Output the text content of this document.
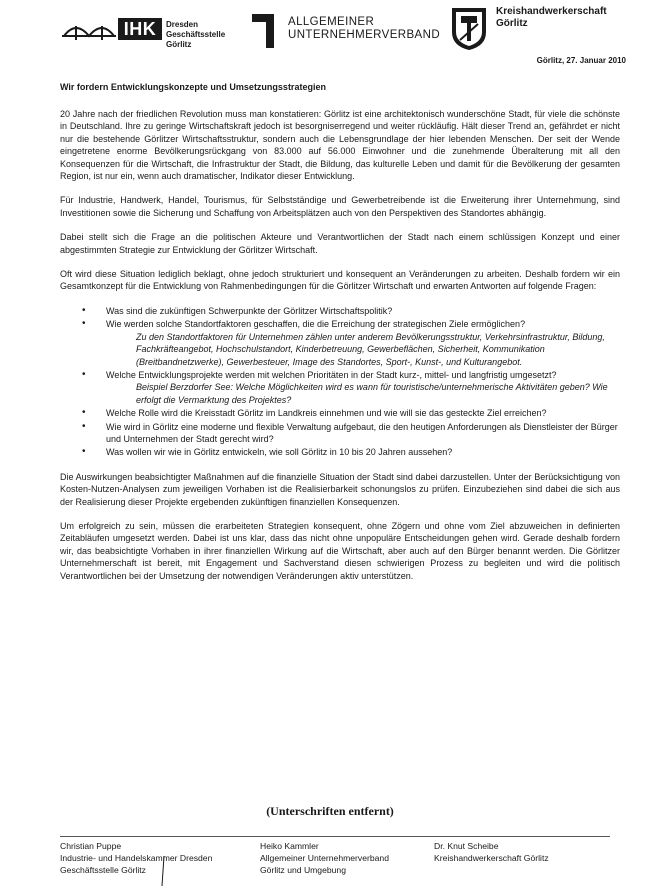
IHK	Dresden
Geschäftsstelle Görlitz
ALLGEMEINER
UNTERNEHMERVERBAND
Kreishandwerkerschaft
Görlitz
Görlitz, 27. Januar 2010
Wir fordern Entwicklungskonzepte und Umsetzungsstrategien

20 Jahre nach der friedlichen Revolution muss man konstatieren: Görlitz ist eine architektonisch wunderschöne Stadt, für viele die schönste in Deutschland. Ihre zu geringe Wirtschaftskraft jedoch ist besorgniserregend und weiter rückläufig. Hält dieser Trend an, gefährdet er nicht nur die bestehende Görlitzer Wirtschaftsstruktur, sondern auch die Lebensgrundlage der hier lebenden Menschen. Der seit der Wende eingetretene enorme Bevölkerungsrückgang von 83.000 auf 56.000 Einwohner und die zunehmende Überalterung mit all den Konsequenzen für die Wirtschaft, die Infrastruktur der Stadt, die Bildung, das kulturelle Leben und damit für die Bevölkerung der gesamten Region, ist nur ein, wenn auch dramatischer, Indikator dieser Entwicklung.

Für Industrie, Handwerk, Handel, Tourismus, für Selbstständige und Gewerbetreibende ist die Erweiterung ihrer Unternehmung, sind Investitionen sowie die Sicherung und Schaffung von Arbeitsplätzen auch von den Perspektiven des Standortes abhängig.

Dabei stellt sich die Frage an die politischen Akteure und Verantwortlichen der Stadt nach einem schlüssigen Konzept und einer abgestimmten Strategie zur Entwicklung der Görlitzer Wirtschaft.

Oft wird diese Situation lediglich beklagt, ohne jedoch strukturiert und konsequent an Veränderungen zu arbeiten. Deshalb fordern wir ein Gesamtkonzept für die Entwicklung von Rahmenbedingungen für die Görlitzer Wirtschaft und erwarten Antworten auf folgende Fragen:

• Was sind die zukünftigen Schwerpunkte der Görlitzer Wirtschaftspolitik?
• Wie werden solche Standortfaktoren geschaffen, die die Erreichung der strategischen Ziele ermöglichen?
Zu den Standortfaktoren für Unternehmen zählen unter anderem Bevölkerungsstruktur, Verkehrsinfrastruktur, Bildung, Fachkräfteangebot, Hochschulstandort, Kinderbetreuung, Gewerbeflächen, Sicherheit, Kommunikation (Breitbandnetzwerke), Gewerbesteuer, Image des Standortes, Sport-, Kunst-, und Kulturangebot.
• Welche Entwicklungsprojekte werden mit welchen Prioritäten in der Stadt kurz-, mittel- und langfristig umgesetzt?
Beispiel Berzdorfer See: Welche Möglichkeiten wird es wann für touristische/unternehmerische Aktivitäten geben? Wie erfolgt die Vermarktung des Projektes?
• Welche Rolle wird die Kreisstadt Görlitz im Landkreis einnehmen und wie will sie das gesteckte Ziel erreichen?
• Wie wird in Görlitz eine moderne und flexible Verwaltung aufgebaut, die den heutigen Anforderungen als Dienstleister der Bürger und Unternehmen der Stadt gerecht wird?
• Was wollen wir wie in Görlitz entwickeln, wie soll Görlitz in 10 bis 20 Jahren aussehen?

Die Auswirkungen beabsichtigter Maßnahmen auf die finanzielle Situation der Stadt sind dabei darzustellen. Unter der Berücksichtigung von Kosten-Nutzen-Analysen zum jeweiligen Vorhaben ist die Realisierbarkeit schonungslos zu prüfen. Einzubeziehen sind dabei die sich aus der Realisierung dieser Projekte ergebenden zukünftigen finanziellen Konsequenzen.

Um erfolgreich zu sein, müssen die erarbeiteten Strategien konsequent, ohne Zögern und ohne vom Ziel abzuweichen in definierten Zeitabläufen umgesetzt werden. Dabei ist uns klar, dass das nicht ohne unpopuläre Entscheidungen gehen wird. Gerade deshalb fordern wir, das beabsichtigte Vorhaben in ihrer finanziellen Wirkung auf die Wirtschaft, aber auch auf den Bürger benannt werden. Die Görlitzer Unternehmerschaft ist bereit, mit Engagement und Sachverstand diesen schwierigen Prozess zu begleiten und wird die politisch Verantwortlichen bei der Umsetzung der notwendigen Veränderungen aktiv unterstützen.

(Unterschriften entfernt)
Christian Puppe
Industrie- und Handelskammer Dresden
Geschäftsstelle Görlitz
Heiko Kammler
Allgemeiner Unternehmerverband
Görlitz und Umgebung
Dr. Knut Scheibe
Kreishandwerkerschaft Görlitz
